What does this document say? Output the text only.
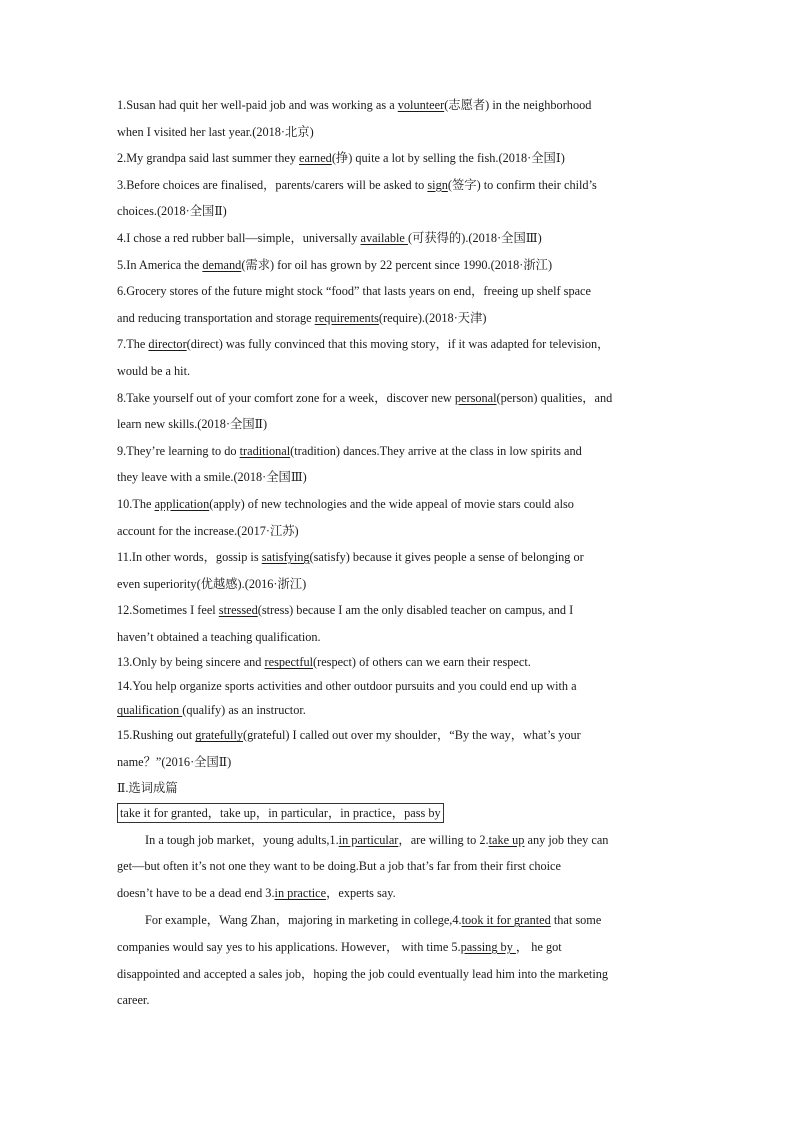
1.Susan had quit her well-paid job and was working as a volunteer(志愿者) in the neighborhood
when I visited her last year.(2018·北京)
2.My grandpa said last summer they earned(挣) quite a lot by selling the fish.(2018·全国Ⅰ)
3.Before choices are finalised，parents/carers will be asked to sign(签字) to confirm their child’s
choices.(2018·全国Ⅱ)
4.I chose a red rubber ball—simple，universally available (可获得的).(2018·全国Ⅲ)
5.In America the demand(需求) for oil has grown by 22 percent since 1990.(2018·浙江)
6.Grocery stores of the future might stock “food” that lasts years on end，freeing up shelf space
and reducing transportation and storage requirements(require).(2018·天津)
7.The director(direct) was fully convinced that this moving story，if it was adapted for television，
would be a hit.
8.Take yourself out of your comfort zone for a week，discover new personal(person) qualities，and
learn new skills.(2018·全国Ⅱ)
9.They’re learning to do traditional(tradition) dances.They arrive at the class in low spirits and
they leave with a smile.(2018·全国Ⅲ)
10.The application(apply) of new technologies and the wide appeal of movie stars could also
account for the increase.(2017·江苏)
11.In other words，gossip is satisfying(satisfy) because it gives people a sense of belonging or
even superiority(优越感).(2016·浙江)
12.Sometimes I feel stressed(stress) because I am the only disabled teacher on campus, and I
haven’t obtained a teaching qualification.
13.Only by being sincere and respectful(respect) of others can we earn their respect.
14.You help organize sports activities and other outdoor pursuits and you could end up with a
qualification (qualify) as an instructor.
15.Rushing out gratefully(grateful) I called out over my shoulder，“By the way，what’s your
name？”(2016·全国Ⅱ)
Ⅱ.选词成篇
take it for granted，take up，in particular，in practice，pass by
In a tough job market，young adults,1.in particular，are willing to 2.take up any job they can
get—but often it’s not one they want to be doing.But a job that’s far from their first choice
doesn’t have to be a dead end 3.in practice，experts say.
For example，Wang Zhan，majoring in marketing in college,4.took it for granted that some
companies would say yes to his applications. However， with time 5.passing by ， he got
disappointed and accepted a sales job，hoping the job could eventually lead him into the marketing
career.
